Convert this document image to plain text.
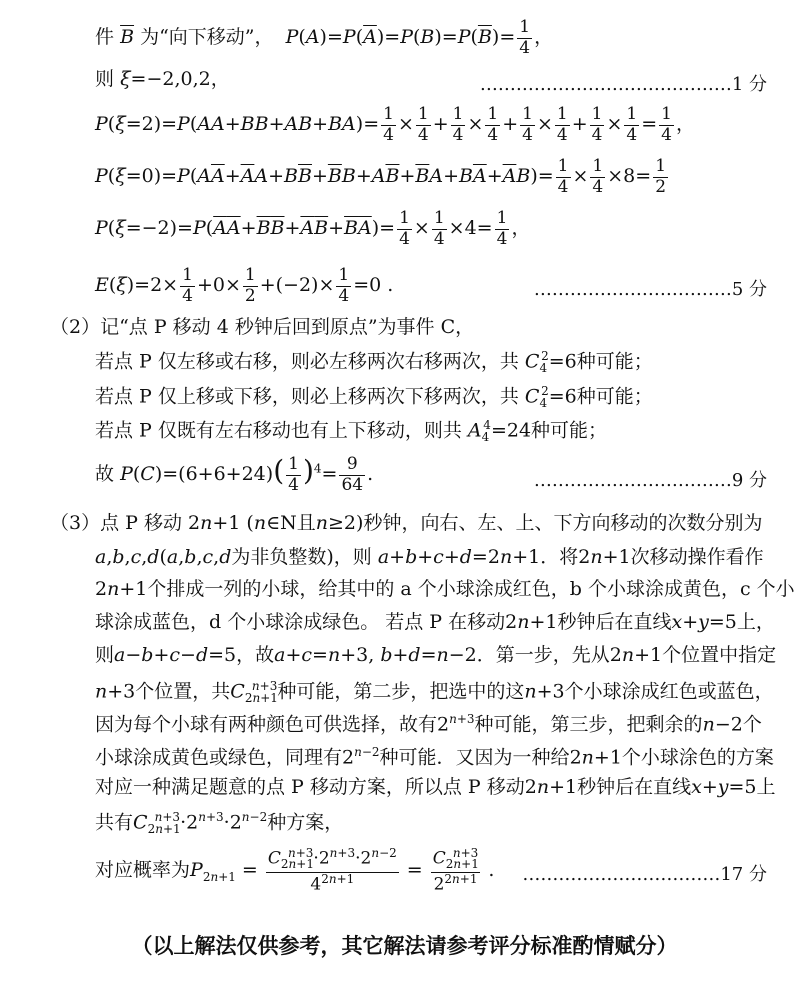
件 $\overline{B}$ 为“向下移动”，  $P(A)=P(\overline{A})=P(B)=P(\overline{B})= \frac{1}{4}$ ，
则 ξ=−2,0,2，	……………………………………1 分
$P(\xi=2)=P(AA+BB+AB+BA)= \frac{1}{4} \times \frac{1}{4} + \frac{1}{4} \times \frac{1}{4} + \frac{1}{4} \times \frac{1}{4} + \frac{1}{4} \times \frac{1}{4} = \frac{1}{4}$ ，
$P(\xi=0)=P(A\overline{A}+\overline{A}A+B\overline{B}+\overline{B}B+A\overline{B}+\overline{B}A+B\overline{A}+\overline{A}B)= \frac{1}{4} \times \frac{1}{4} \times 8= \frac{1}{2}$
$P(\xi=-2)=P(\overline{A}\overline{A}+\overline{B}\overline{B}+\overline{A}\overline{B}+\overline{B}\overline{A})= \frac{1}{4} \times \frac{1}{4} \times 4= \frac{1}{4}$ ，
$E(\xi)=2\times \frac{1}{4} +0\times \frac{1}{2} +(-2)\times \frac{1}{4} =0$ .	……………………………5 分
（2）记“点 P 移动 4 秒钟后回到原点”为事件 C，
若点 P 仅左移或右移，则必左移两次右移两次，共 $C_4^2=6$种可能；
若点 P 仅上移或下移，则必上移两次下移两次，共 $C_4^2=6$种可能；
若点 P 仅既有左右移动也有上下移动，则共 $A_4^4=24$种可能；
故 $P(C)=(6+6+24)( \frac{1}{4} )^4= \frac{9}{64}$ .	……………………………9 分
（3）点 P 移动 2n+1 (n∈N且n≥2)秒钟，向右、左、上、下方向移动的次数分别为
a,b,c,d(a,b,c,d为非负整数)，则 a+b+c+d=2n+1．将2n+1次移动操作看作
2n+1个排成一列的小球，给其中的 a 个小球涂成红色，b 个小球涂成黄色，c 个小
球涂成蓝色，d 个小球涂成绿色。 若点 P 在移动2n+1秒钟后在直线x+y=5上，
则a−b+c−d=5，故a+c=n+3, b+d=n−2．第一步，先从2n+1个位置中指定
n+3个位置，共$C_{2n+1}^{n+3}$种可能，第二步，把选中的这n+3个小球涂成红色或蓝色，
因为每个小球有两种颜色可供选择，故有$2^{n+3}$种可能，第三步，把剩余的n−2个
小球涂成黄色或绿色，同理有$2^{n-2}$种可能．又因为一种给2n+1个小球涂色的方案
对应一种满足题意的点 P 移动方案，所以点 P 移动2n+1秒钟后在直线x+y=5上
共有$C_{2n+1}^{n+3}\cdot 2^{n+3}\cdot 2^{n-2}$种方案，
对应概率为$P_{2n+1} = \frac{C_{2n+1}^{n+3}\cdot 2^{n+3}\cdot 2^{n-2}}{4^{2n+1}} = \frac{C_{2n+1}^{n+3}}{2^{2n+1}}$ . ……………………………17 分
（以上解法仅供参考，其它解法请参考评分标准酌情赋分）
